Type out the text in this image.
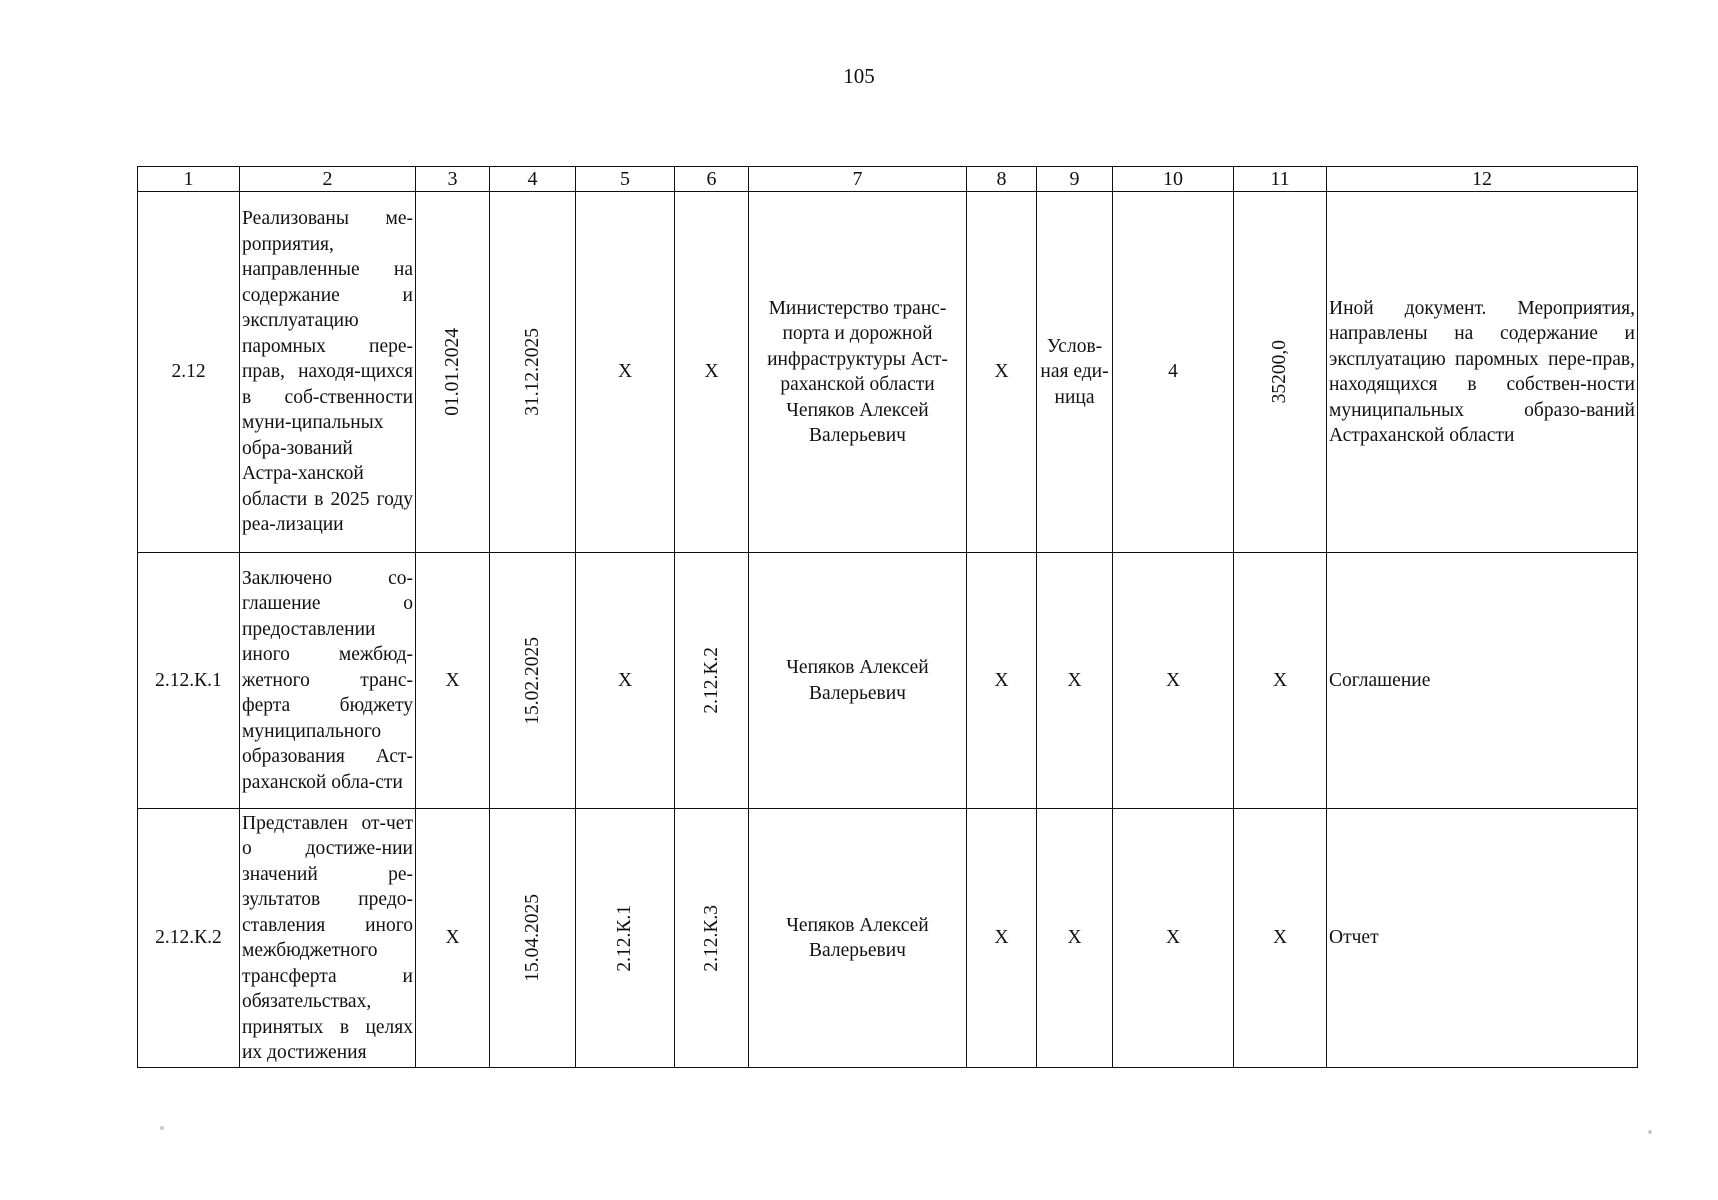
105
1	2	3	4	5	6	7	8	9	10	11	12
2.12	Реализованы ме-роприятия, направленные на содержание и эксплуатацию паромных пере-прав, находя-щихся в соб-ственности муни-ципальных обра-зований Астра-ханской области в 2025 году реа-лизации	01.01.2024	31.12.2025	X	X	Министерство транс-порта и дорожной инфраструктуры Аст-раханской области Чепяков Алексей Валерьевич	X	Услов-ная еди-ница	4	35200,0	Иной документ. Мероприятия, направлены на содержание и эксплуатацию паромных пере-прав, находящихся в собствен-ности муниципальных образо-ваний Астраханской области
2.12.К.1	Заключено со-глашение о предоставлении иного межбюд-жетного транс-ферта бюджету муниципального образования Аст-раханской обла-сти	X	15.02.2025	X	2.12.К.2	Чепяков Алексей Валерьевич	X	X	X	X	Соглашение
2.12.К.2	Представлен от-чет о достиже-нии значений ре-зультатов предо-ставления иного межбюджетного трансферта и обязательствах, принятых в целях их достижения	X	15.04.2025	2.12.К.1	2.12.К.3	Чепяков Алексей Валерьевич	X	X	X	X	Отчет
